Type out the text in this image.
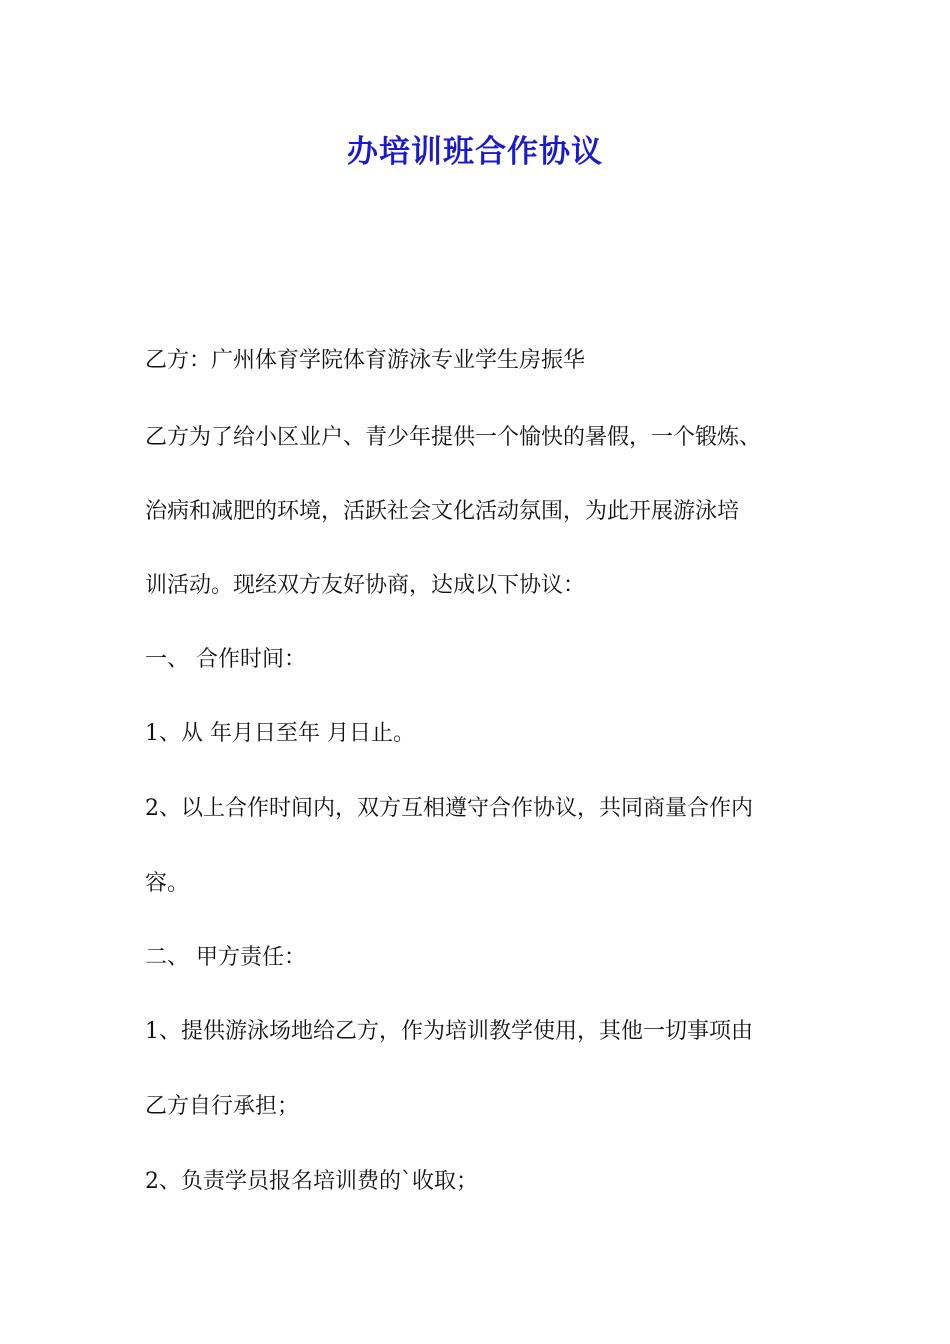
办培训班合作协议
乙方：广州体育学院体育游泳专业学生房振华
乙方为了给小区业户、青少年提供一个愉快的暑假，一个锻炼、
治病和减肥的环境，活跃社会文化活动氛围，为此开展游泳培
训活动。现经双方友好协商，达成以下协议：
一、 合作时间：
1、从 年月日至年 月日止。
2、以上合作时间内，双方互相遵守合作协议，共同商量合作内
容。
二、 甲方责任：
1、提供游泳场地给乙方，作为培训教学使用，其他一切事项由
乙方自行承担；
2、负责学员报名培训费的`收取；
